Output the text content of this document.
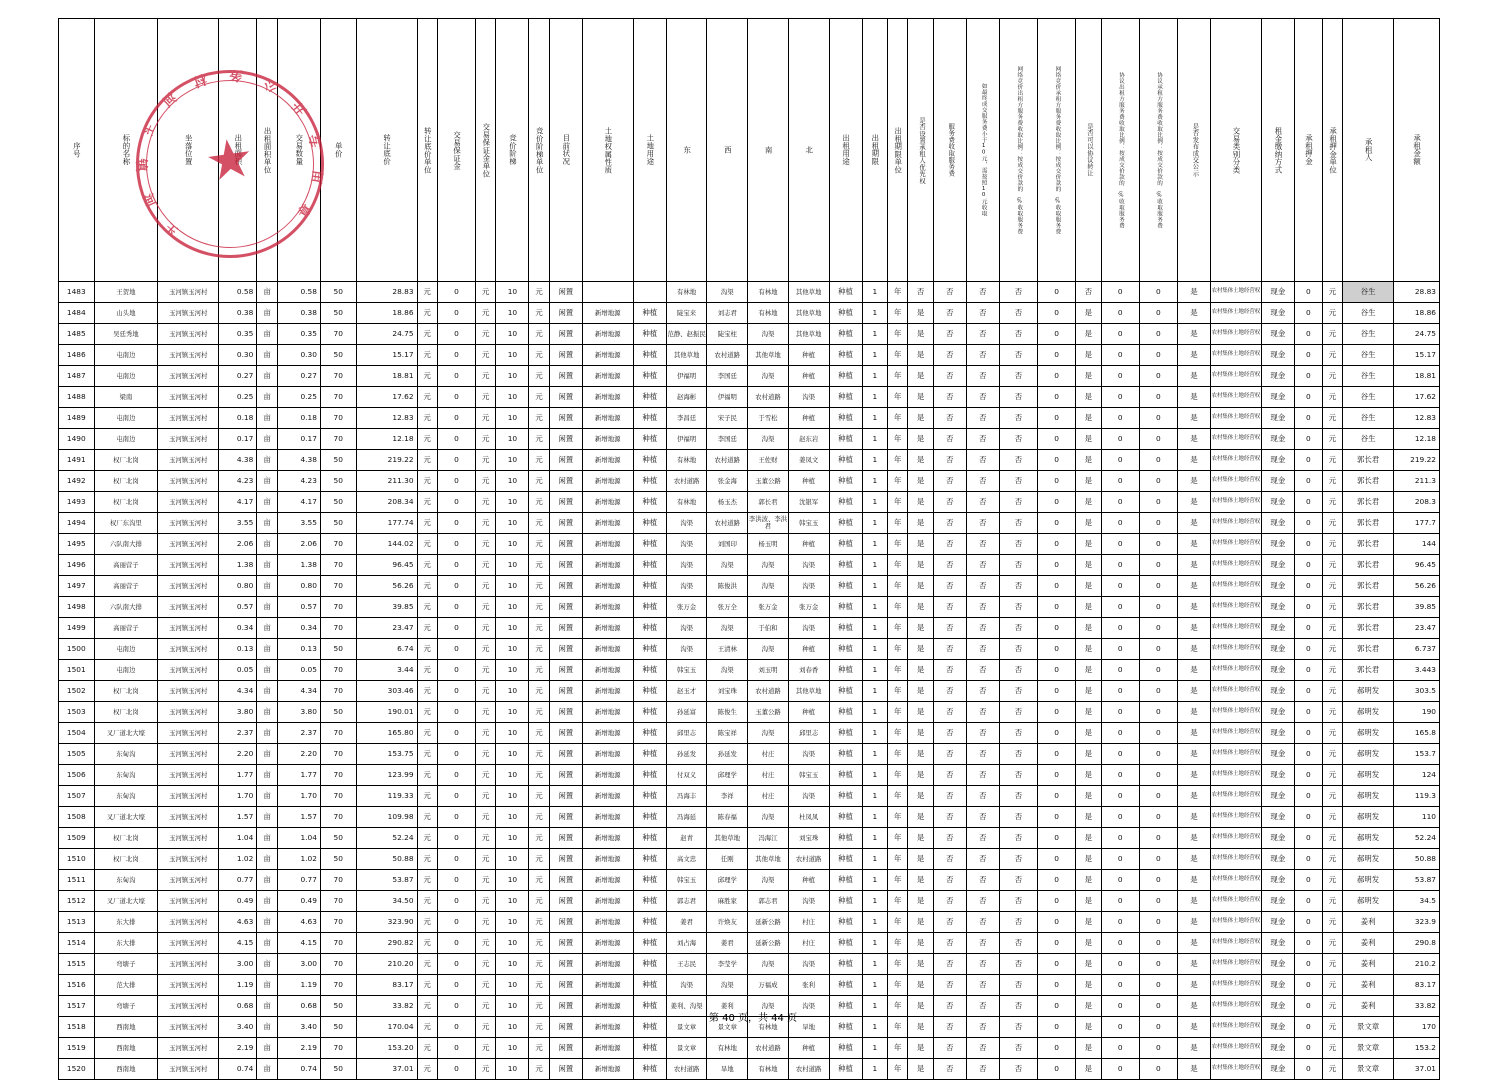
玉
河
镇
玉
河
村 务
公
开
专
用
章
序号	标的名称	坐落位置	出租面积	出租面积单位	交易数量	单价	转让底价	转让底价单位	交易保证金	交易保证金单位	竞价阶梯	竞价阶梯单位	目前状况	土地权属性质	土地用途	东	西	南	北	出租用途	出租期限	出租期限单位	是否设置承租人优先权	服务费收取服务费	如最终成交服务费小于10元，需按照10元收取	网络竞价出租方服务费收取比例：按成交价款的_%收取服务费	网络竞价承租方服务费收取比例：按成交价款的_%收取服务费	是否可以协议转让	协议出租方服务费收取比例：按成交价款的_%收取服务费	协议承租方服务费收取比例：按成交价款的_%收取服务费	是否发布成交公示	交易类别分类	租金缴纳方式	承租押金	承租押金单位	承租人	承租金额

1483	王贺地	玉河镇玉河村	0.58	亩	0.58	50	28.83	元	0	元	10	元	闲置			有林地	沟渠	有林地	其他草地	种植	1	年	否	否	否	否	0	否	0	0	是	农村集体土地经营权	现金	0	元	谷生	28.83
1484	山头地	玉河镇玉河村	0.38	亩	0.38	50	18.86	元	0	元	10	元	闲置	新增地源	种植	陡宝来	刘志君	有林地	其他草地	种植	1	年	是	否	否	否	0	是	0	0	是	农村集体土地经营权	现金	0	元	谷生	18.86
1485	吴廷秀地	玉河镇玉河村	0.35	亩	0.35	70	24.75	元	0	元	10	元	闲置	新增地源	种植	范静、赵振民	陡宝柱	沟渠	其他草地	种植	1	年	是	否	否	否	0	是	0	0	是	农村集体土地经营权	现金	0	元	谷生	24.75
1486	屯南边	玉河镇玉河村	0.30	亩	0.30	50	15.17	元	0	元	10	元	闲置	新增地源	种植	其他草地	农村道路	其他草地	种植	种植	1	年	是	否	否	否	0	是	0	0	是	农村集体土地经营权	现金	0	元	谷生	15.17
1487	屯南边	玉河镇玉河村	0.27	亩	0.27	70	18.81	元	0	元	10	元	闲置	新增地源	种植	伊福明	李国廷	沟渠	种植	种植	1	年	是	否	否	否	0	是	0	0	是	农村集体土地经营权	现金	0	元	谷生	18.81
1488	梁南	玉河镇玉河村	0.25	亩	0.25	70	17.62	元	0	元	10	元	闲置	新增地源	种植	赵海彬	伊福明	农村道路	沟渠	种植	1	年	是	否	否	否	0	是	0	0	是	农村集体土地经营权	现金	0	元	谷生	17.62
1489	屯南边	玉河镇玉河村	0.18	亩	0.18	70	12.83	元	0	元	10	元	闲置	新增地源	种植	李昌廷	宋子民	于雪松	种植	种植	1	年	是	否	否	否	0	是	0	0	是	农村集体土地经营权	现金	0	元	谷生	12.83
1490	屯南边	玉河镇玉河村	0.17	亩	0.17	70	12.18	元	0	元	10	元	闲置	新增地源	种植	伊福明	李国廷	沟渠	赵东岩	种植	1	年	是	否	否	否	0	是	0	0	是	农村集体土地经营权	现金	0	元	谷生	12.18
1491	权厂北岗	玉河镇玉河村	4.38	亩	4.38	50	219.22	元	0	元	10	元	闲置	新增地源	种植	有林地	农村道路	王佐财	姜凤文	种植	1	年	是	否	否	否	0	是	0	0	是	农村集体土地经营权	现金	0	元	郭长君	219.22
1492	权厂北岗	玉河镇玉河村	4.23	亩	4.23	50	211.30	元	0	元	10	元	闲置	新增地源	种植	农村道路	张金海	玉董公路	种植	种植	1	年	是	否	否	否	0	是	0	0	是	农村集体土地经营权	现金	0	元	郭长君	211.3
1493	权厂北岗	玉河镇玉河村	4.17	亩	4.17	50	208.34	元	0	元	10	元	闲置	新增地源	种植	有林地	杨玉杰	郭长君	沈银军	种植	1	年	是	否	否	否	0	是	0	0	是	农村集体土地经营权	现金	0	元	郭长君	208.3
1494	权厂东沟里	玉河镇玉河村	3.55	亩	3.55	50	177.74	元	0	元	10	元	闲置	新增地源	种植	沟渠	农村道路	李洪波、李洪君	韩宝玉	种植	1	年	是	否	否	否	0	是	0	0	是	农村集体土地经营权	现金	0	元	郭长君	177.7
1495	六队南大排	玉河镇玉河村	2.06	亩	2.06	70	144.02	元	0	元	10	元	闲置	新增地源	种植	沟渠	刘国印	杨玉明	种植	种植	1	年	是	否	否	否	0	是	0	0	是	农村集体土地经营权	现金	0	元	郭长君	144
1496	高丽营子	玉河镇玉河村	1.38	亩	1.38	70	96.45	元	0	元	10	元	闲置	新增地源	种植	沟渠	沟渠	沟渠	沟渠	种植	1	年	是	否	否	否	0	是	0	0	是	农村集体土地经营权	现金	0	元	郭长君	96.45
1497	高丽营子	玉河镇玉河村	0.80	亩	0.80	70	56.26	元	0	元	10	元	闲置	新增地源	种植	沟渠	陈俊洪	沟渠	沟渠	种植	1	年	是	否	否	否	0	是	0	0	是	农村集体土地经营权	现金	0	元	郭长君	56.26
1498	六队南大排	玉河镇玉河村	0.57	亩	0.57	70	39.85	元	0	元	10	元	闲置	新增地源	种植	张万金	张万全	张万金	张万金	种植	1	年	是	否	否	否	0	是	0	0	是	农村集体土地经营权	现金	0	元	郭长君	39.85
1499	高丽营子	玉河镇玉河村	0.34	亩	0.34	70	23.47	元	0	元	10	元	闲置	新增地源	种植	沟渠	沟渠	于伯和	沟渠	种植	1	年	是	否	否	否	0	是	0	0	是	农村集体土地经营权	现金	0	元	郭长君	23.47
1500	屯南边	玉河镇玉河村	0.13	亩	0.13	50	6.74	元	0	元	10	元	闲置	新增地源	种植	沟渠	王清林	沟渠	种植	种植	1	年	是	否	否	否	0	是	0	0	是	农村集体土地经营权	现金	0	元	郭长君	6.737
1501	屯南边	玉河镇玉河村	0.05	亩	0.05	70	3.44	元	0	元	10	元	闲置	新增地源	种植	韩宝玉	沟渠	刘玉明	刘春香	种植	1	年	是	否	否	否	0	是	0	0	是	农村集体土地经营权	现金	0	元	郭长君	3.443
1502	权厂北岗	玉河镇玉河村	4.34	亩	4.34	70	303.46	元	0	元	10	元	闲置	新增地源	种植	赵玉才	刘宝珠	农村道路	其他草地	种植	1	年	是	否	否	否	0	是	0	0	是	农村集体土地经营权	现金	0	元	郝明发	303.5
1503	权厂北岗	玉河镇玉河村	3.80	亩	3.80	50	190.01	元	0	元	10	元	闲置	新增地源	种植	孙延富	陈俊生	玉董公路	种植	种植	1	年	是	否	否	否	0	是	0	0	是	农村集体土地经营权	现金	0	元	郝明发	190
1504	叉厂道北大壕	玉河镇玉河村	2.37	亩	2.37	70	165.80	元	0	元	10	元	闲置	新增地源	种植	邱里志	陈宝祥	沟渠	邱里志	种植	1	年	是	否	否	否	0	是	0	0	是	农村集体土地经营权	现金	0	元	郝明发	165.8
1505	东甸沟	玉河镇玉河村	2.20	亩	2.20	70	153.75	元	0	元	10	元	闲置	新增地源	种植	孙延发	孙延发	村庄	沟渠	种植	1	年	是	否	否	否	0	是	0	0	是	农村集体土地经营权	现金	0	元	郝明发	153.7
1506	东甸沟	玉河镇玉河村	1.77	亩	1.77	70	123.99	元	0	元	10	元	闲置	新增地源	种植	付双义	邱理学	村庄	韩宝玉	种植	1	年	是	否	否	否	0	是	0	0	是	农村集体土地经营权	现金	0	元	郝明发	124
1507	东甸沟	玉河镇玉河村	1.70	亩	1.70	70	119.33	元	0	元	10	元	闲置	新增地源	种植	冯海丰	李祥	村庄	沟渠	种植	1	年	是	否	否	否	0	是	0	0	是	农村集体土地经营权	现金	0	元	郝明发	119.3
1508	叉厂道北大壕	玉河镇玉河村	1.57	亩	1.57	70	109.98	元	0	元	10	元	闲置	新增地源	种植	冯海延	陈春福	沟渠	杜凤凤	种植	1	年	是	否	否	否	0	是	0	0	是	农村集体土地经营权	现金	0	元	郝明发	110
1509	权厂北岗	玉河镇玉河村	1.04	亩	1.04	50	52.24	元	0	元	10	元	闲置	新增地源	种植	赵青	其他草地	冯海江	刘宝珠	种植	1	年	是	否	否	否	0	是	0	0	是	农村集体土地经营权	现金	0	元	郝明发	52.24
1510	权厂北岗	玉河镇玉河村	1.02	亩	1.02	50	50.88	元	0	元	10	元	闲置	新增地源	种植	高文忠	任刚	其他草地	农村道路	种植	1	年	是	否	否	否	0	是	0	0	是	农村集体土地经营权	现金	0	元	郝明发	50.88
1511	东甸沟	玉河镇玉河村	0.77	亩	0.77	70	53.87	元	0	元	10	元	闲置	新增地源	种植	韩宝玉	邱理学	沟渠	种植	种植	1	年	是	否	否	否	0	是	0	0	是	农村集体土地经营权	现金	0	元	郝明发	53.87
1512	叉厂道北大壕	玉河镇玉河村	0.49	亩	0.49	70	34.50	元	0	元	10	元	闲置	新增地源	种植	郭志君	麻胜家	郭志君	沟渠	种植	1	年	是	否	否	否	0	是	0	0	是	农村集体土地经营权	现金	0	元	郝明发	34.5
1513	东大排	玉河镇玉河村	4.63	亩	4.63	70	323.90	元	0	元	10	元	闲置	新增地源	种植	姜君	许焕友	延新公路	村庄	种植	1	年	是	否	否	否	0	是	0	0	是	农村集体土地经营权	现金	0	元	姜利	323.9
1514	东大排	玉河镇玉河村	4.15	亩	4.15	70	290.82	元	0	元	10	元	闲置	新增地源	种植	刘占海	姜君	延新公路	村庄	种植	1	年	是	否	否	否	0	是	0	0	是	农村集体土地经营权	现金	0	元	姜利	290.8
1515	弯塘子	玉河镇玉河村	3.00	亩	3.00	70	210.20	元	0	元	10	元	闲置	新增地源	种植	王志民	李莹学	沟渠	沟渠	种植	1	年	是	否	否	否	0	是	0	0	是	农村集体土地经营权	现金	0	元	姜利	210.2
1516	范大排	玉河镇玉河村	1.19	亩	1.19	70	83.17	元	0	元	10	元	闲置	新增地源	种植	沟渠	沟渠	万福成	张利	种植	1	年	是	否	否	否	0	是	0	0	是	农村集体土地经营权	现金	0	元	姜利	83.17
1517	弯塘子	玉河镇玉河村	0.68	亩	0.68	50	33.82	元	0	元	10	元	闲置	新增地源	种植	姜利、沟渠	姜利	沟渠	沟渠	种植	1	年	是	否	否	否	0	是	0	0	是	农村集体土地经营权	现金	0	元	姜利	33.82
1518	西南地	玉河镇玉河村	3.40	亩	3.40	50	170.04	元	0	元	10	元	闲置	新增地源	种植	景文章	景文章	有林地	旱地	种植	1	年	是	否	否	否	0	是	0	0	是	农村集体土地经营权	现金	0	元	景文章	170
1519	西南地	玉河镇玉河村	2.19	亩	2.19	70	153.20	元	0	元	10	元	闲置	新增地源	种植	景文章	有林地	农村道路	种植	种植	1	年	是	否	否	否	0	是	0	0	是	农村集体土地经营权	现金	0	元	景文章	153.2
1520	西南地	玉河镇玉河村	0.74	亩	0.74	50	37.01	元	0	元	10	元	闲置	新增地源	种植	农村道路	旱地	有林地	农村道路	种植	1	年	是	否	否	否	0	是	0	0	是	农村集体土地经营权	现金	0	元	景文章	37.01
第 40 页，共 44 页
